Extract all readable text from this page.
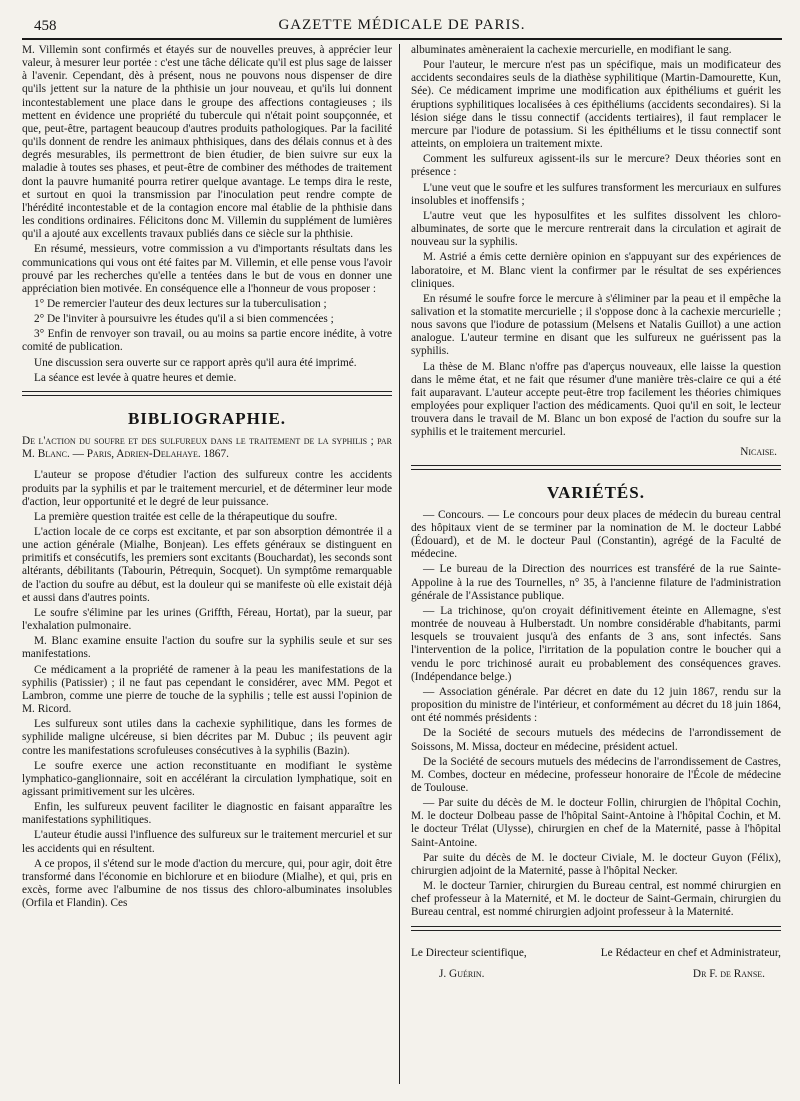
458	GAZETTE MÉDICALE DE PARIS.

M. Villemin sont confirmés et étayés sur de nouvelles preuves, à apprécier leur valeur, à mesurer leur portée : c'est une tâche délicate qu'il est plus sage de laisser à l'avenir. Cependant, dès à présent, nous ne pouvons nous dispenser de dire qu'ils jettent sur la nature de la phthisie un jour nouveau, et qu'ils lui donnent incontestablement une place dans le groupe des affections contagieuses ; ils mettent en évidence une propriété du tubercule qui n'était point soupçonnée, et que, peut-être, partagent beaucoup d'autres produits pathologiques. Par la facilité qu'ils donnent de rendre les animaux phthisiques, dans des délais connus et à des degrés mesurables, ils permettront de bien étudier, de bien suivre sur eux la maladie à toutes ses phases, et peut-être de combiner des méthodes de traitement dont la pauvre humanité pourra retirer quelque avantage. Le temps dira le reste, et surtout en quoi la transmission par l'inoculation peut rendre compte de l'hérédité incontestable et de la contagion encore mal établie de la phthisie dans les conditions ordinaires. Félicitons donc M. Villemin du supplément de lumières qu'il a ajouté aux excellents travaux publiés dans ce siècle sur la phthisie.

En résumé, messieurs, votre commission a vu d'importants résultats dans les communications qui vous ont été faites par M. Villemin, et elle pense vous l'avoir prouvé par les recherches qu'elle a tentées dans le but de vous en donner une appréciation bien motivée. En conséquence elle a l'honneur de vous proposer :

1° De remercier l'auteur des deux lectures sur la tuberculisation ;

2° De l'inviter à poursuivre les études qu'il a si bien commencées ;

3° Enfin de renvoyer son travail, ou au moins sa partie encore inédite, à votre comité de publication.

Une discussion sera ouverte sur ce rapport après qu'il aura été imprimé.

La séance est levée à quatre heures et demie.

BIBLIOGRAPHIE.

De l'action du soufre et des sulfureux dans le traitement de la syphilis ; par M. Blanc. — Paris, Adrien-Delahaye. 1867.

L'auteur se propose d'étudier l'action des sulfureux contre les accidents produits par la syphilis et par le traitement mercuriel, et de déterminer leur mode d'action, leur opportunité et le degré de leur puissance.

La première question traitée est celle de la thérapeutique du soufre.

L'action locale de ce corps est excitante, et par son absorption démontrée il a une action générale (Mialhe, Bonjean). Les effets généraux se distinguent en primitifs et consécutifs, les premiers sont excitants (Bouchardat), les seconds sont altérants, débilitants (Tabourin, Pétrequin, Socquet). Un symptôme remarquable de l'action du soufre au début, est la douleur qui se manifeste où elle existait déjà et aussi dans d'autres points.

Le soufre s'élimine par les urines (Griffth, Féreau, Hortat), par la sueur, par l'exhalation pulmonaire.

M. Blanc examine ensuite l'action du soufre sur la syphilis seule et sur ses manifestations.

Ce médicament a la propriété de ramener à la peau les manifestations de la syphilis (Patissier) ; il ne faut pas cependant le considérer, avec MM. Pegot et Lambron, comme une pierre de touche de la syphilis ; telle est aussi l'opinion de M. Ricord.

Les sulfureux sont utiles dans la cachexie syphilitique, dans les formes de syphilide maligne ulcéreuse, si bien décrites par M. Dubuc ; ils peuvent agir contre les manifestations scrofuleuses consécutives à la syphilis (Bazin).

Le soufre exerce une action reconstituante en modifiant le système lymphatico-ganglionnaire, soit en accélérant la circulation lymphatique, soit en agissant primitivement sur les ulcères.

Enfin, les sulfureux peuvent faciliter le diagnostic en faisant apparaître les manifestations syphilitiques.

L'auteur étudie aussi l'influence des sulfureux sur le traitement mercuriel et sur les accidents qui en résultent.

A ce propos, il s'étend sur le mode d'action du mercure, qui, pour agir, doit être transformé dans l'économie en bichlorure et en biiodure (Mialhe), et qui, pris en excès, forme avec l'albumine de nos tissus des chloro-albuminates insolubles (Orfila et Flandin). Ces

albuminates amèneraient la cachexie mercurielle, en modifiant le sang.

Pour l'auteur, le mercure n'est pas un spécifique, mais un modificateur des accidents secondaires seuls de la diathèse syphilitique (Martin-Damourette, Kun, Sée). Ce médicament imprime une modification aux épithéliums et guérit les éruptions syphilitiques localisées à ces épithéliums (accidents secondaires). Si la lésion siége dans le tissu connectif (accidents tertiaires), il faut remplacer le mercure par l'iodure de potassium. Si les épithéliums et le tissu connectif sont atteints, on emploiera un traitement mixte.

Comment les sulfureux agissent-ils sur le mercure? Deux théories sont en présence :

L'une veut que le soufre et les sulfures transforment les mercuriaux en sulfures insolubles et inoffensifs ;

L'autre veut que les hyposulfites et les sulfites dissolvent les chloro-albuminates, de sorte que le mercure rentrerait dans la circulation et agirait de nouveau sur la syphilis.

M. Astrié a émis cette dernière opinion en s'appuyant sur des expériences de laboratoire, et M. Blanc vient la confirmer par le résultat de ses expériences cliniques.

En résumé le soufre force le mercure à s'éliminer par la peau et il empêche la salivation et la stomatite mercurielle ; il s'oppose donc à la cachexie mercurielle ; nous savons que l'iodure de potassium (Melsens et Natalis Guillot) a une action analogue. L'auteur termine en disant que les sulfureux ne guérissent pas la syphilis.

La thèse de M. Blanc n'offre pas d'aperçus nouveaux, elle laisse la question dans le même état, et ne fait que résumer d'une manière très-claire ce qui a été fait auparavant. L'auteur accepte peut-être trop facilement les théories chimiques employées pour expliquer l'action des médicaments. Quoi qu'il en soit, le lecteur trouvera dans le travail de M. Blanc un bon exposé de l'action du soufre sur la syphilis et le traitement mercuriel.

Nicaise.
VARIÉTÉS.

— Concours. — Le concours pour deux places de médecin du bureau central des hôpitaux vient de se terminer par la nomination de M. le docteur Labbé (Édouard), et de M. le docteur Paul (Constantin), agrégé de la Faculté de médecine.

— Le bureau de la Direction des nourrices est transféré de la rue Sainte-Appoline à la rue des Tournelles, n° 35, à l'ancienne filature de l'administration générale de l'Assistance publique.

— La trichinose, qu'on croyait définitivement éteinte en Allemagne, s'est montrée de nouveau à Hulberstadt. Un nombre considérable d'habitants, parmi lesquels se trouvaient jusqu'à des enfants de 3 ans, sont infectés. Sans l'intervention de la police, l'irritation de la population contre le boucher qui a vendu le porc trichinosé aurait eu probablement des conséquences graves. (Indépendance belge.)

— Association générale. Par décret en date du 12 juin 1867, rendu sur la proposition du ministre de l'intérieur, et conformément au décret du 18 juin 1864, ont été nommés présidents :

De la Société de secours mutuels des médecins de l'arrondissement de Soissons, M. Missa, docteur en médecine, président actuel.

De la Société de secours mutuels des médecins de l'arrondissement de Castres, M. Combes, docteur en médecine, professeur honoraire de l'École de médecine de Toulouse.

— Par suite du décès de M. le docteur Follin, chirurgien de l'hôpital Cochin, M. le docteur Dolbeau passe de l'hôpital Saint-Antoine à l'hôpital Cochin, et M. le docteur Trélat (Ulysse), chirurgien en chef de la Maternité, passe à l'hôpital Saint-Antoine.

Par suite du décès de M. le docteur Civiale, M. le docteur Guyon (Félix), chirurgien adjoint de la Maternité, passe à l'hôpital Necker.

M. le docteur Tarnier, chirurgien du Bureau central, est nommé chirurgien en chef professeur à la Maternité, et M. le docteur de Saint-Germain, chirurgien du Bureau central, est nommé chirurgien adjoint professeur à la Maternité.

Le Directeur scientifique,	Le Rédacteur en chef et Administrateur,
J. Guérin.	Dr F. de Ranse.
